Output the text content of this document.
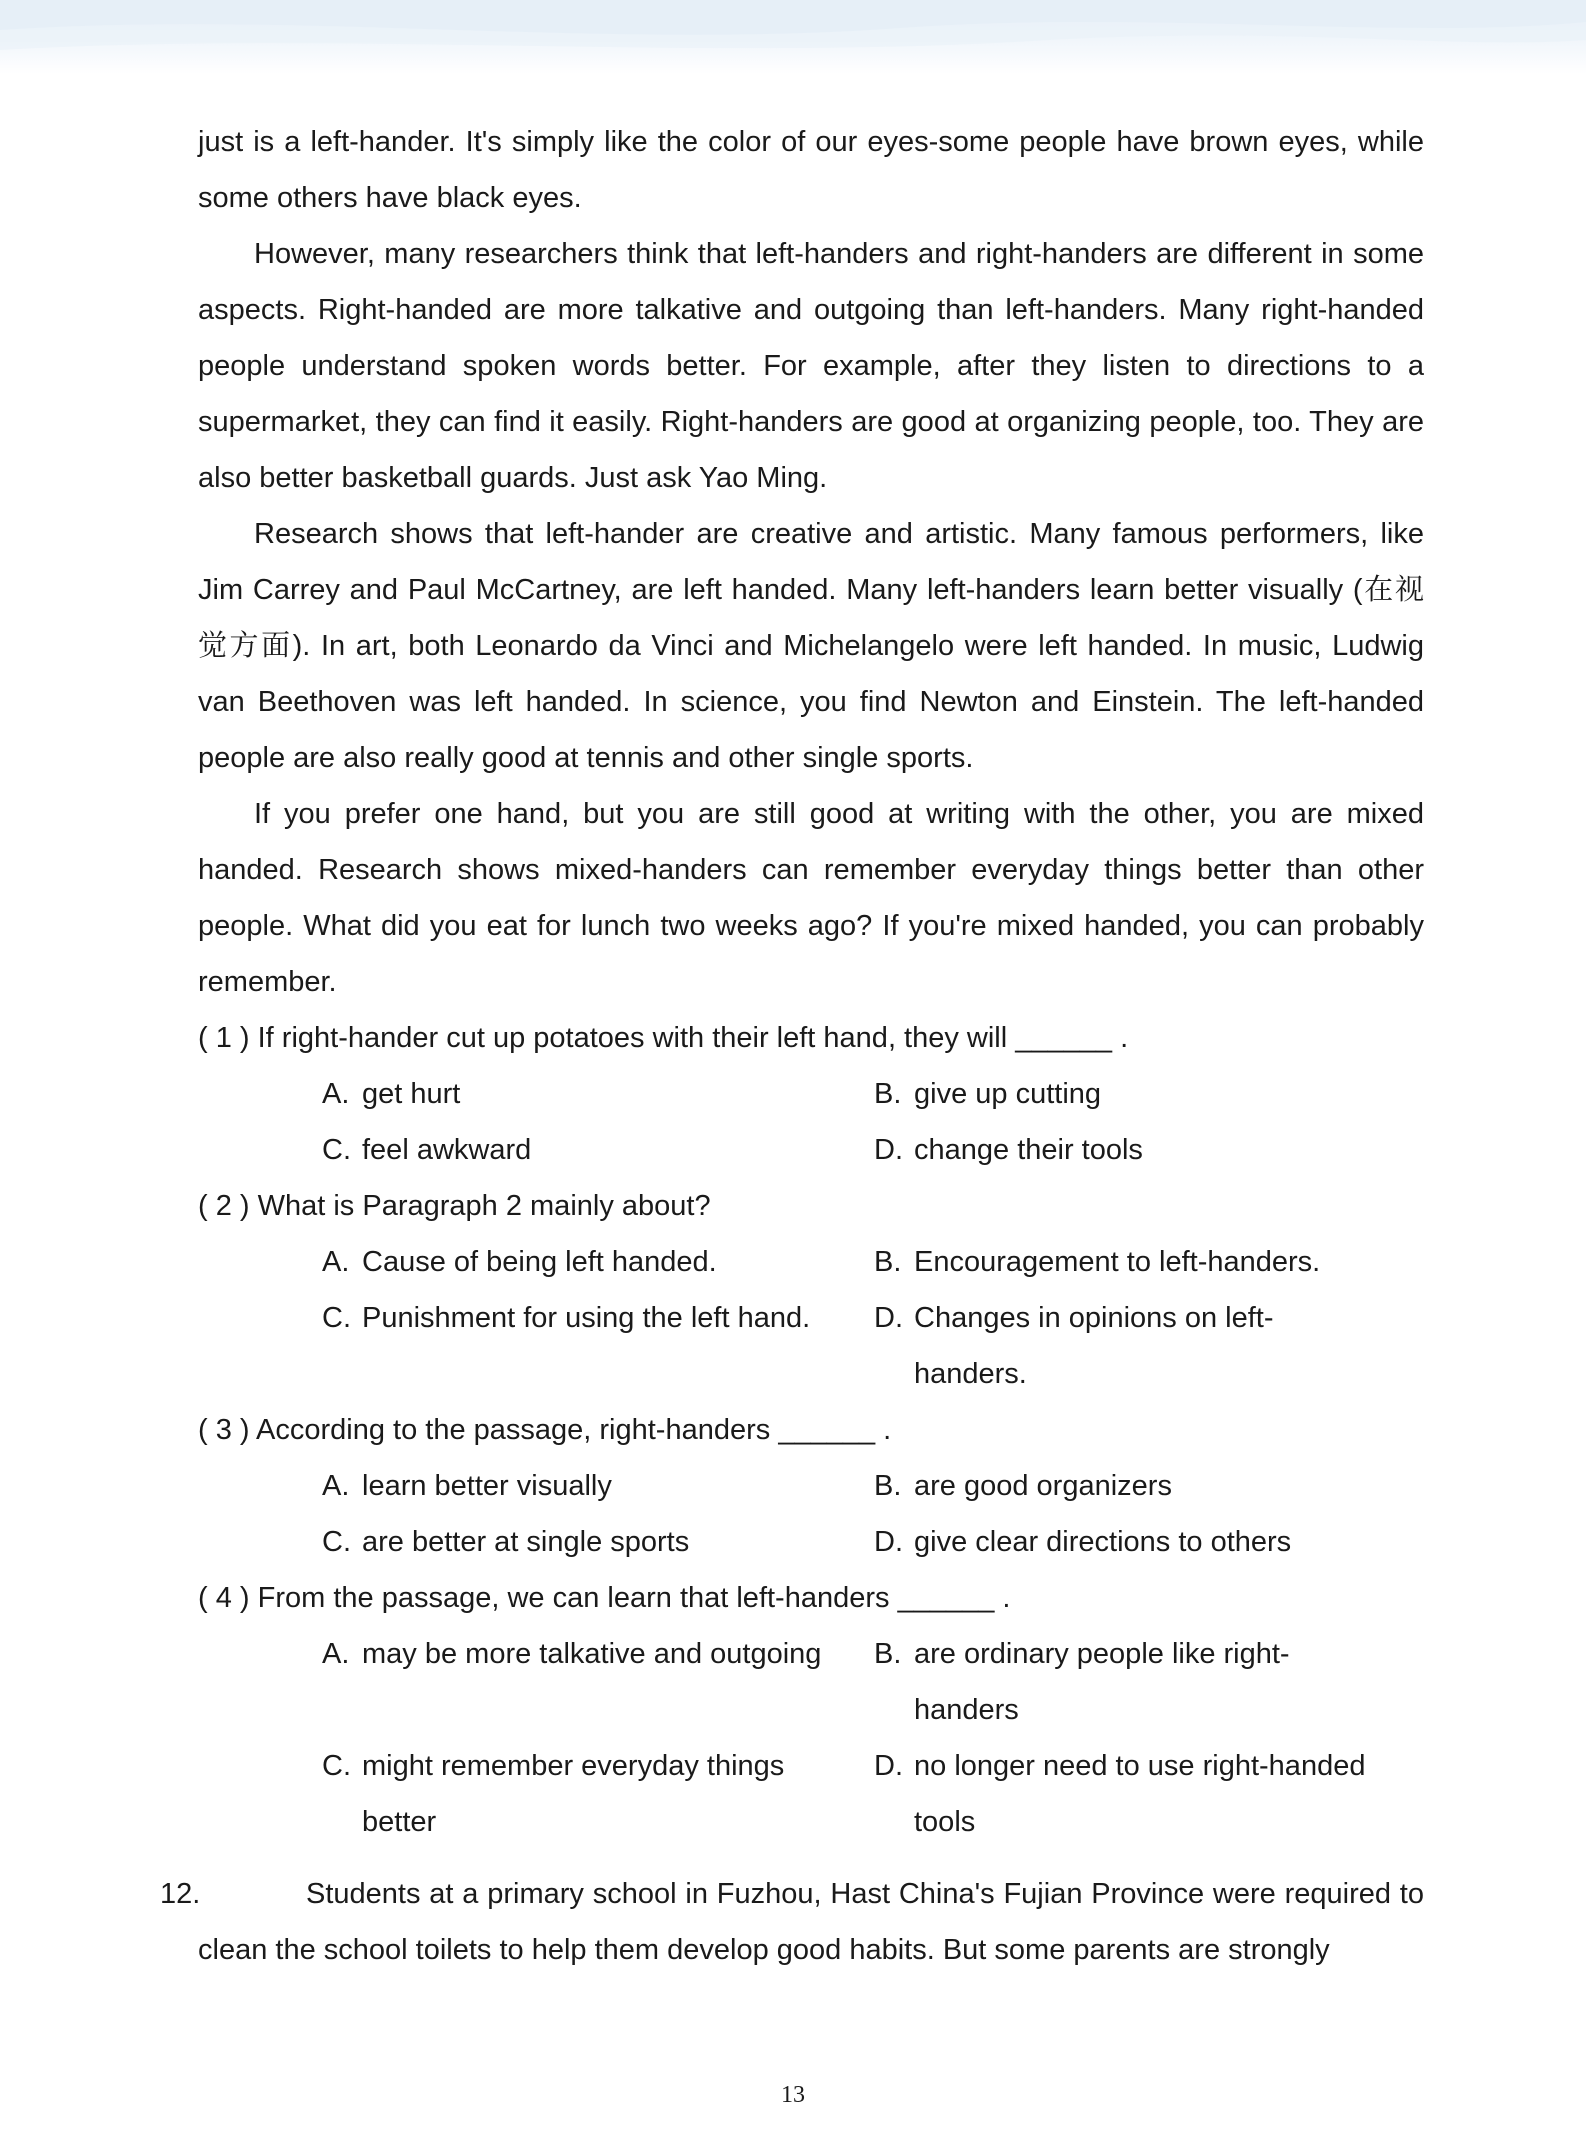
just is a left-hander. It's simply like the color of our eyes-some people have brown eyes, while some others have black eyes.

However, many researchers think that left-handers and right-handers are different in some aspects. Right-handed are more talkative and outgoing than left-handers. Many right-handed people understand spoken words better. For example, after they listen to directions to a supermarket, they can find it easily. Right-handers are good at organizing people, too. They are also better basketball guards. Just ask Yao Ming.

Research shows that left-hander are creative and artistic. Many famous performers, like Jim Carrey and Paul McCartney, are left handed. Many left-handers learn better visually (在视觉方面). In art, both Leonardo da Vinci and Michelangelo were left handed. In music, Ludwig van Beethoven was left handed. In science, you find Newton and Einstein. The left-handed people are also really good at tennis and other single sports.

If you prefer one hand, but you are still good at writing with the other, you are mixed handed. Research shows mixed-handers can remember everyday things better than other people. What did you eat for lunch two weeks ago? If you're mixed handed, you can probably remember.

( 1 ) If right-hander cut up potatoes with their left hand, they will ______ .
A. get hurt	B. give up cutting
C. feel awkward	D. change their tools
( 2 ) What is Paragraph 2 mainly about?
A. Cause of being left handed.	B. Encouragement to left-handers.
C. Punishment for using the left hand.	D. Changes in opinions on left-handers.
( 3 ) According to the passage, right-handers ______ .
A. learn better visually	B. are good organizers
C. are better at single sports	D. give clear directions to others
( 4 ) From the passage, we can learn that left-handers ______ .
A. may be more talkative and outgoing	B. are ordinary people like right-handers
C. might remember everyday things better
D. no longer need to use right-handed tools
12.	Students at a primary school in Fuzhou, Hast China's Fujian Province were required to clean the school toilets to help them develop good habits. But some parents are strongly

13
